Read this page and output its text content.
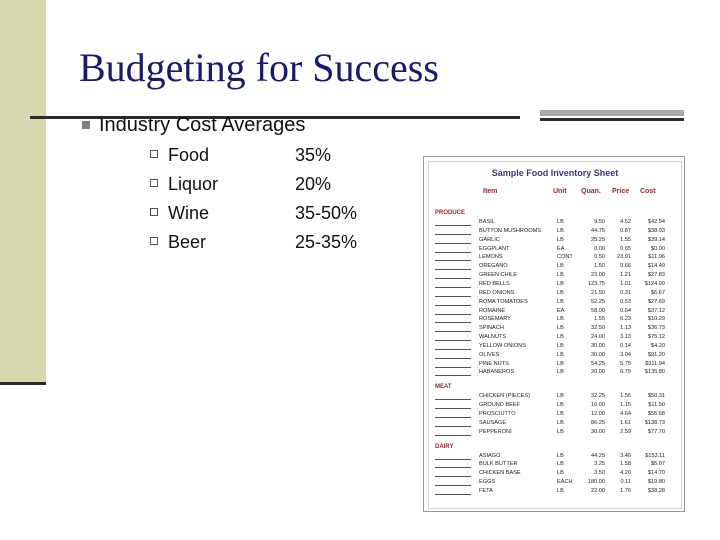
Budgeting for Success
Industry Cost Averages
Food	35%
Liquor	20%
Wine	35-50%
Beer	25-35%
Sample Food Inventory Sheet
Item	Unit Quan. Price Cost
PRODUCE
BASIL	LB	9.50	4.52	$42.94
BUTTON MUSHROOMS	LB	44.75	0.87	$38.93
GARLIC	LB	25.25	1.55	$39.14
EGGPLANT	EA	0.00	0.65	$0.00
LEMONS	CONT	0.50	23.91	$11.96
OREGANO	LB	1.50	9.66	$14.49
GREEN CHILE	LB	23.00	1.21	$27.83
RED BELLS	LB	123.75	1.01	$124.99
RED ONIONS	LB	21.50	0.31	$6.67
ROMA TOMATOES	LB	52.25	0.53	$27.69
ROMAINE	EA	58.00	0.64	$37.12
ROSEMARY	LB	1.55	6.23	$10.29
SPINACH	LB	32.50	1.13	$36.73
WALNUTS	LB	24.00	3.13	$75.12
YELLOW ONIONS	LB	30.00	0.14	$4.20
OLIVES	LB	30.00	3.04	$91.20
PINE NUTS	LB	54.25	5.75	$311.94
HABANEROS	LB	20.00	6.79	$135.80
MEAT
CHICKEN (PIECES)	LB	32.25	1.56	$50.31
GROUND BEEF	LB	10.00	1.15	$11.50
PROSCIUTTO	LB	12.00	4.64	$55.68
SAUSAGE	LB	86.25	1.61	$138.73
PEPPERONI	LB	30.00	2.59	$77.70
DAIRY
ASIAGO	LB	44.25	3.46	$153.11
BULK BUTTER	LB	3.25	1.58	$5.07
CHICKEN BASE	LB	3.50	4.20	$14.70
EGGS	EACH	180.00	0.11	$19.80
FETA	LB	22.00	1.76	$38.28
